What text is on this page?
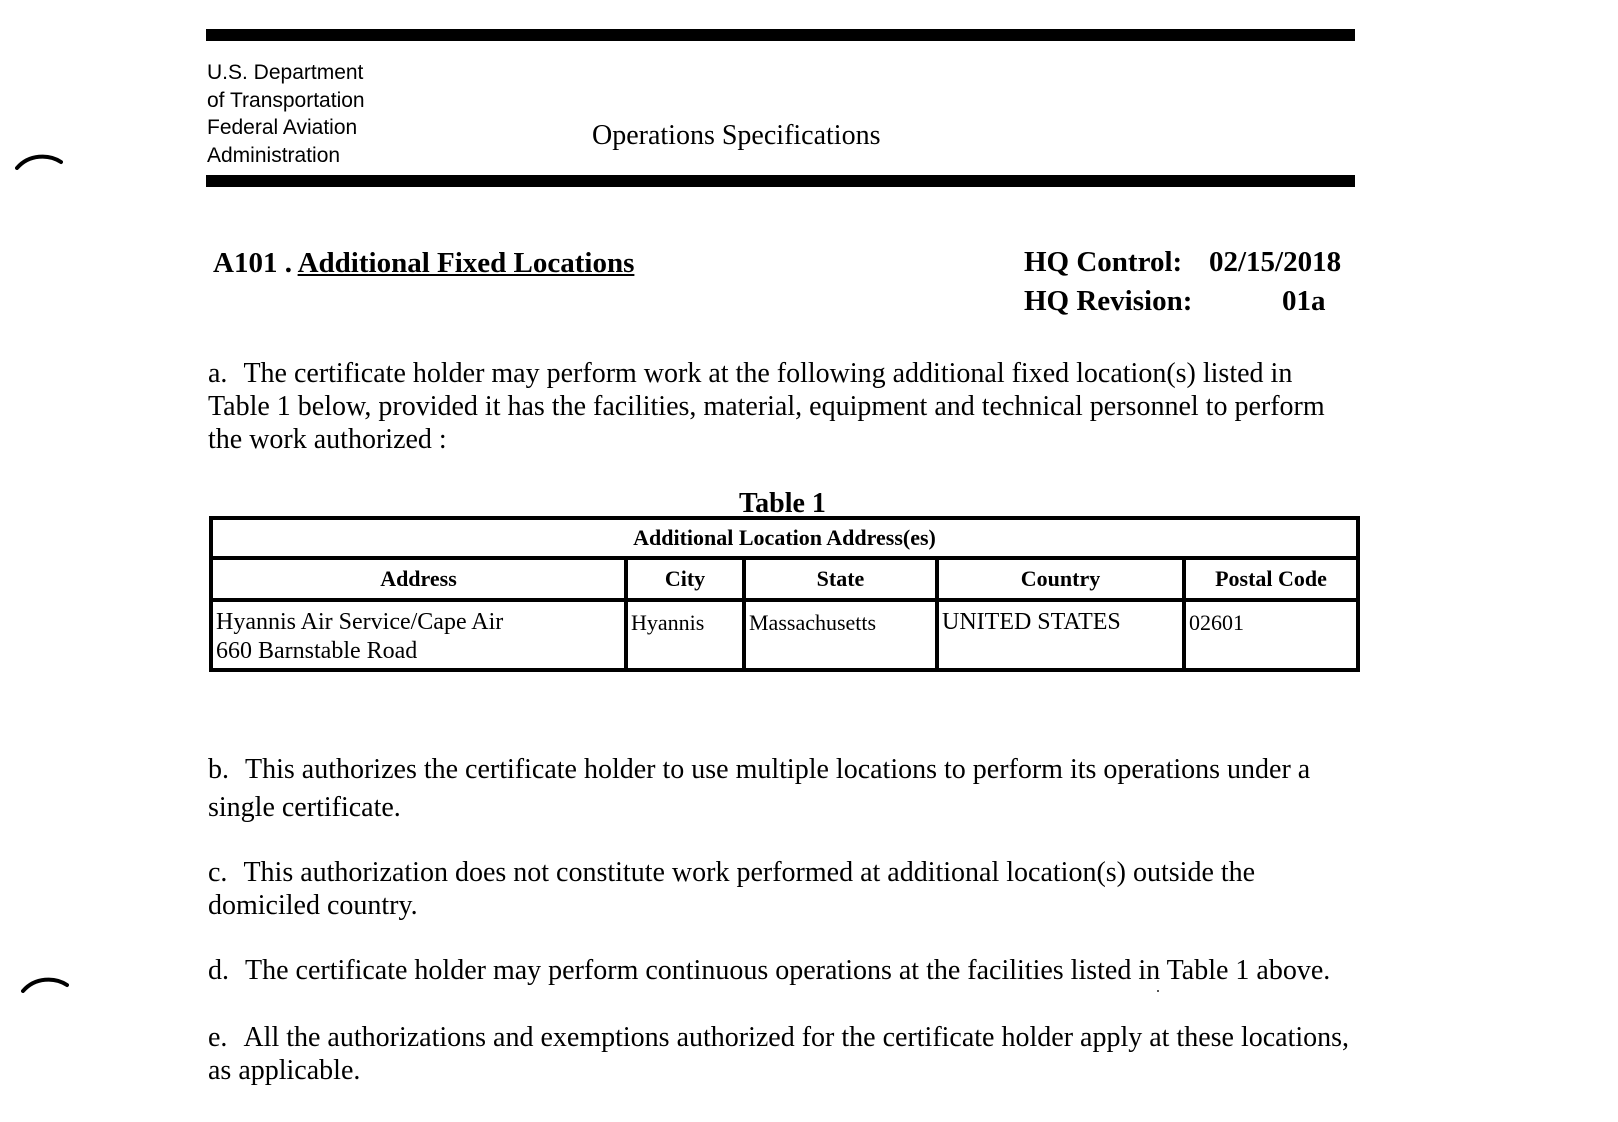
U.S. Department
of Transportation
Federal Aviation
Administration
Operations Specifications
A101 . Additional Fixed Locations	HQ Control: 02/15/2018
HQ Revision:	01a
a. The certificate holder may perform work at the following additional fixed location(s) listed in Table 1 below, provided it has the facilities, material, equipment and technical personnel to perform the work authorized :
Table 1
Additional Location Address(es)				
Address	City	State	Country	Postal Code

Hyannis Air Service/Cape Air
660 Barnstable Road	Hyannis	Massachusetts	UNITED STATES	02601
b. This authorizes the certificate holder to use multiple locations to perform its operations under a single certificate.
c. This authorization does not constitute work performed at additional location(s) outside the domiciled country.
d. The certificate holder may perform continuous operations at the facilities listed in Table 1 above.
e. All the authorizations and exemptions authorized for the certificate holder apply at these locations, as applicable.
